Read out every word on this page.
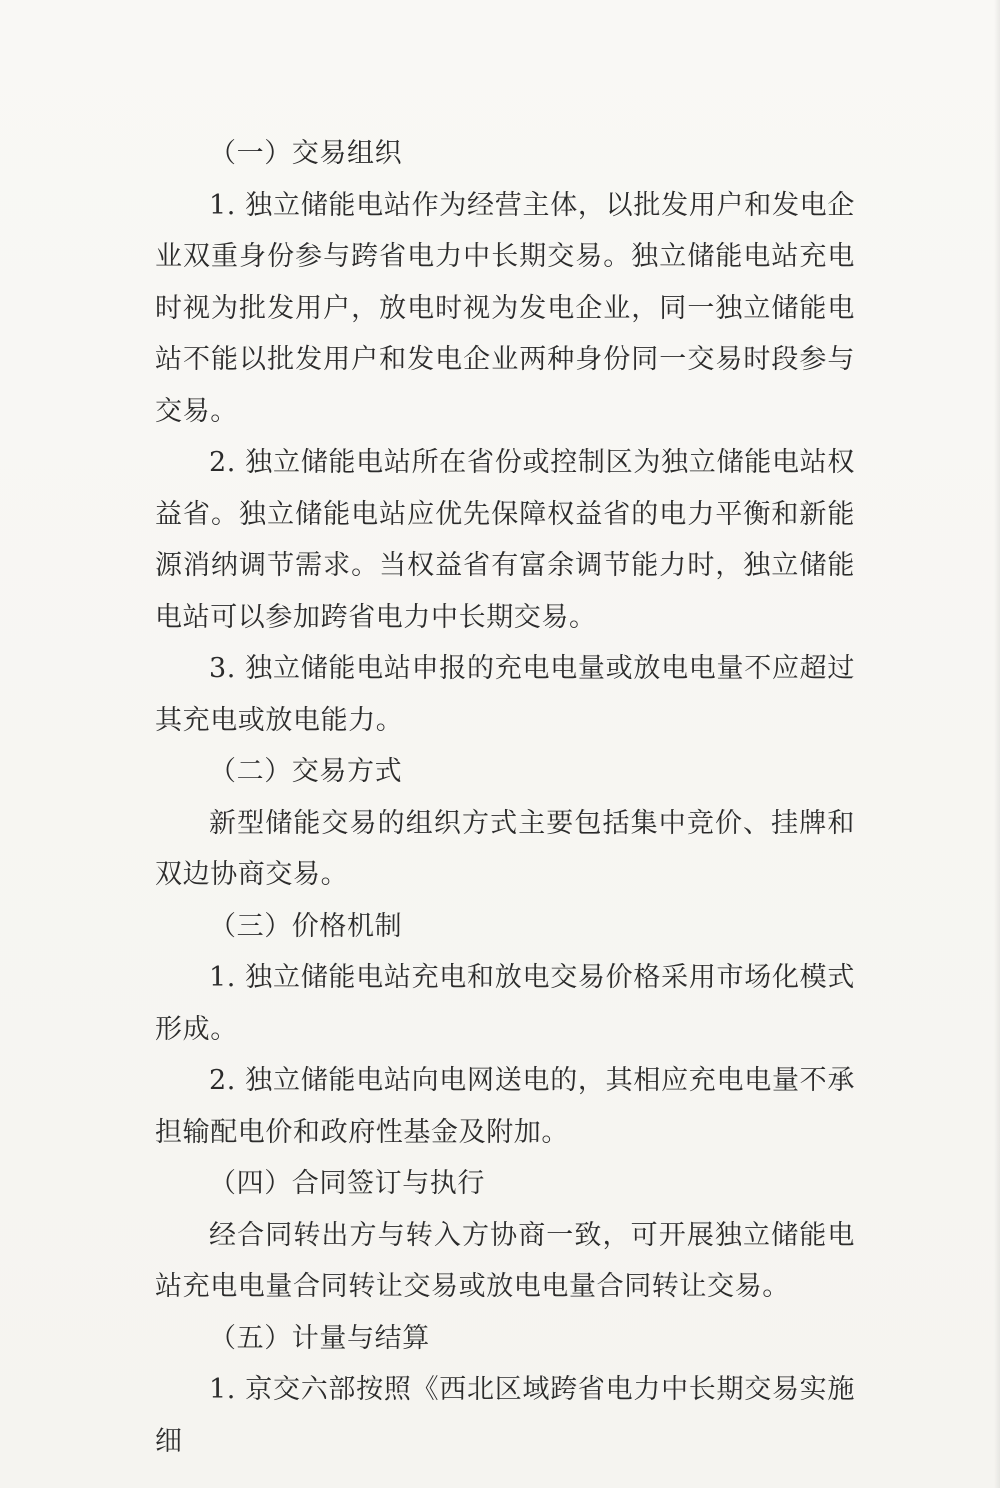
（一）交易组织

1. 独立储能电站作为经营主体，以批发用户和发电企业双重身份参与跨省电力中长期交易。独立储能电站充电时视为批发用户，放电时视为发电企业，同一独立储能电站不能以批发用户和发电企业两种身份同一交易时段参与交易。

2. 独立储能电站所在省份或控制区为独立储能电站权益省。独立储能电站应优先保障权益省的电力平衡和新能源消纳调节需求。当权益省有富余调节能力时，独立储能电站可以参加跨省电力中长期交易。

3. 独立储能电站申报的充电电量或放电电量不应超过其充电或放电能力。

（二）交易方式

新型储能交易的组织方式主要包括集中竞价、挂牌和双边协商交易。

（三）价格机制

1. 独立储能电站充电和放电交易价格采用市场化模式形成。

2. 独立储能电站向电网送电的，其相应充电电量不承担输配电价和政府性基金及附加。

（四）合同签订与执行

经合同转出方与转入方协商一致，可开展独立储能电站充电电量合同转让交易或放电电量合同转让交易。

（五）计量与结算

1. 京交六部按照《西北区域跨省电力中长期交易实施细
